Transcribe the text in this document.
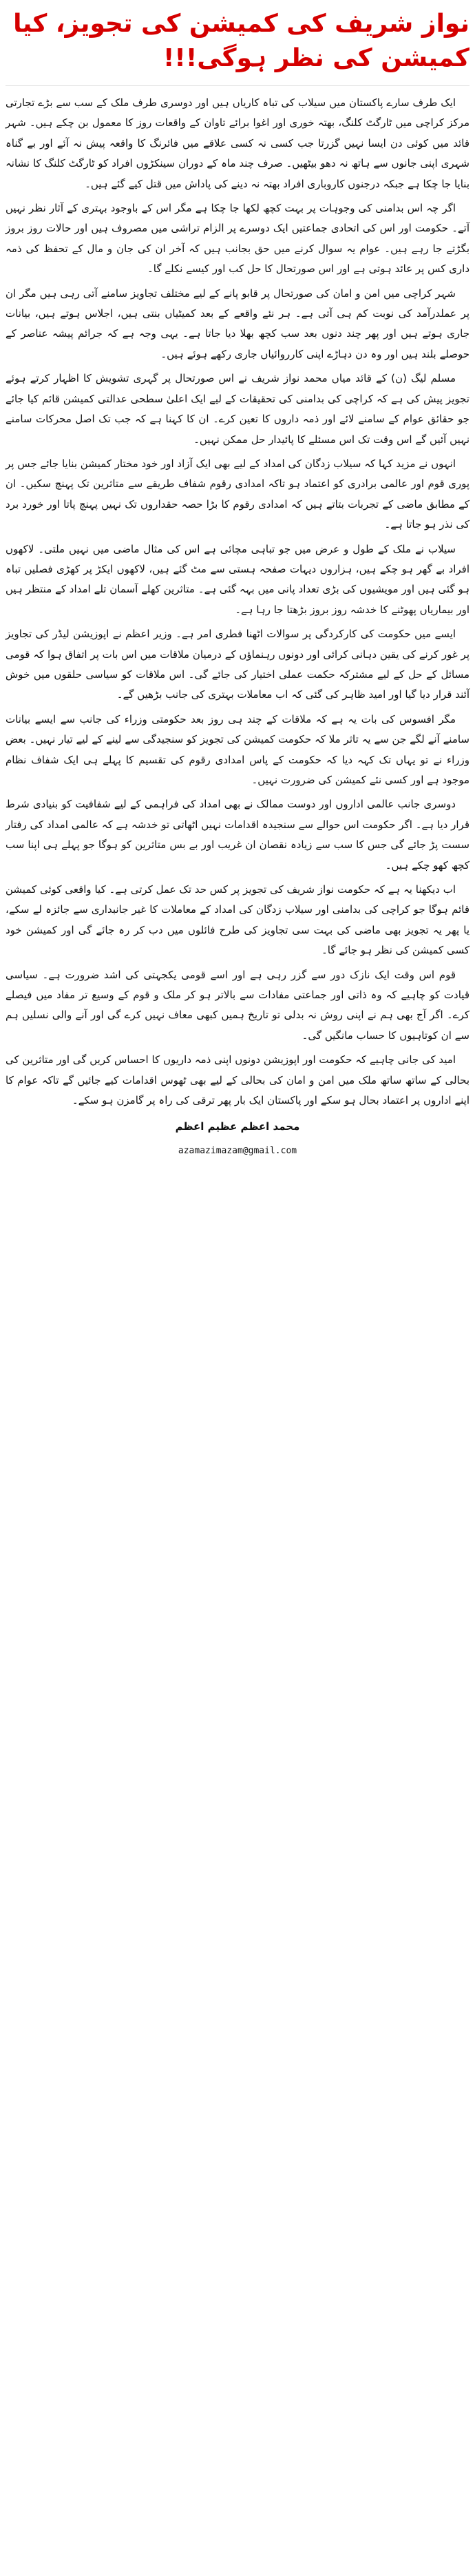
نواز شریف کی کمیشن کی تجویز، کیا کمیشن کی نظر ہوگی!!!

ایک طرف سارے پاکستان میں سیلاب کی تباہ کاریاں ہیں اور دوسری طرف ملک کے سب سے بڑے تجارتی مرکز کراچی میں ٹارگٹ کلنگ، بھتہ خوری اور اغوا برائے تاوان کے واقعات روز کا معمول بن چکے ہیں۔ شہر قائد میں کوئی دن ایسا نہیں گزرتا جب کسی نہ کسی علاقے میں فائرنگ کا واقعہ پیش نہ آئے اور بے گناہ شہری اپنی جانوں سے ہاتھ نہ دھو بیٹھیں۔ صرف چند ماہ کے دوران سینکڑوں افراد کو ٹارگٹ کلنگ کا نشانہ بنایا جا چکا ہے جبکہ درجنوں کاروباری افراد بھتہ نہ دینے کی پاداش میں قتل کیے گئے ہیں۔

اگر چہ اس بدامنی کی وجوہات پر بہت کچھ لکھا جا چکا ہے مگر اس کے باوجود بہتری کے آثار نظر نہیں آتے۔ حکومت اور اس کی اتحادی جماعتیں ایک دوسرے پر الزام تراشی میں مصروف ہیں اور حالات روز بروز بگڑتے جا رہے ہیں۔ عوام یہ سوال کرنے میں حق بجانب ہیں کہ آخر ان کی جان و مال کے تحفظ کی ذمہ داری کس پر عائد ہوتی ہے اور اس صورتحال کا حل کب اور کیسے نکلے گا۔

شہر کراچی میں امن و امان کی صورتحال پر قابو پانے کے لیے مختلف تجاویز سامنے آتی رہی ہیں مگر ان پر عملدرآمد کی نوبت کم ہی آتی ہے۔ ہر نئے واقعے کے بعد کمیٹیاں بنتی ہیں، اجلاس ہوتے ہیں، بیانات جاری ہوتے ہیں اور پھر چند دنوں بعد سب کچھ بھلا دیا جاتا ہے۔ یہی وجہ ہے کہ جرائم پیشہ عناصر کے حوصلے بلند ہیں اور وہ دن دہاڑے اپنی کارروائیاں جاری رکھے ہوئے ہیں۔

مسلم لیگ (ن) کے قائد میاں محمد نواز شریف نے اس صورتحال پر گہری تشویش کا اظہار کرتے ہوئے تجویز پیش کی ہے کہ کراچی کی بدامنی کی تحقیقات کے لیے ایک اعلیٰ سطحی عدالتی کمیشن قائم کیا جائے جو حقائق عوام کے سامنے لائے اور ذمہ داروں کا تعین کرے۔ ان کا کہنا ہے کہ جب تک اصل محرکات سامنے نہیں آئیں گے اس وقت تک اس مسئلے کا پائیدار حل ممکن نہیں۔

انہوں نے مزید کہا کہ سیلاب زدگان کی امداد کے لیے بھی ایک آزاد اور خود مختار کمیشن بنایا جائے جس پر پوری قوم اور عالمی برادری کو اعتماد ہو تاکہ امدادی رقوم شفاف طریقے سے متاثرین تک پہنچ سکیں۔ ان کے مطابق ماضی کے تجربات بتاتے ہیں کہ امدادی رقوم کا بڑا حصہ حقداروں تک نہیں پہنچ پاتا اور خورد برد کی نذر ہو جاتا ہے۔

سیلاب نے ملک کے طول و عرض میں جو تباہی مچائی ہے اس کی مثال ماضی میں نہیں ملتی۔ لاکھوں افراد بے گھر ہو چکے ہیں، ہزاروں دیہات صفحہ ہستی سے مٹ گئے ہیں، لاکھوں ایکڑ پر کھڑی فصلیں تباہ ہو گئی ہیں اور مویشیوں کی بڑی تعداد پانی میں بہہ گئی ہے۔ متاثرین کھلے آسمان تلے امداد کے منتظر ہیں اور بیماریاں پھوٹنے کا خدشہ روز بروز بڑھتا جا رہا ہے۔

ایسے میں حکومت کی کارکردگی پر سوالات اٹھنا فطری امر ہے۔ وزیر اعظم نے اپوزیشن لیڈر کی تجاویز پر غور کرنے کی یقین دہانی کرائی اور دونوں رہنماؤں کے درمیان ملاقات میں اس بات پر اتفاق ہوا کہ قومی مسائل کے حل کے لیے مشترکہ حکمت عملی اختیار کی جائے گی۔ اس ملاقات کو سیاسی حلقوں میں خوش آئند قرار دیا گیا اور امید ظاہر کی گئی کہ اب معاملات بہتری کی جانب بڑھیں گے۔

مگر افسوس کی بات یہ ہے کہ ملاقات کے چند ہی روز بعد حکومتی وزراء کی جانب سے ایسے بیانات سامنے آنے لگے جن سے یہ تاثر ملا کہ حکومت کمیشن کی تجویز کو سنجیدگی سے لینے کے لیے تیار نہیں۔ بعض وزراء نے تو یہاں تک کہہ دیا کہ حکومت کے پاس امدادی رقوم کی تقسیم کا پہلے ہی ایک شفاف نظام موجود ہے اور کسی نئے کمیشن کی ضرورت نہیں۔

دوسری جانب عالمی اداروں اور دوست ممالک نے بھی امداد کی فراہمی کے لیے شفافیت کو بنیادی شرط قرار دیا ہے۔ اگر حکومت اس حوالے سے سنجیدہ اقدامات نہیں اٹھاتی تو خدشہ ہے کہ عالمی امداد کی رفتار سست پڑ جائے گی جس کا سب سے زیادہ نقصان ان غریب اور بے بس متاثرین کو ہوگا جو پہلے ہی اپنا سب کچھ کھو چکے ہیں۔

اب دیکھنا یہ ہے کہ حکومت نواز شریف کی تجویز پر کس حد تک عمل کرتی ہے۔ کیا واقعی کوئی کمیشن قائم ہوگا جو کراچی کی بدامنی اور سیلاب زدگان کی امداد کے معاملات کا غیر جانبداری سے جائزہ لے سکے، یا پھر یہ تجویز بھی ماضی کی بہت سی تجاویز کی طرح فائلوں میں دب کر رہ جائے گی اور کمیشن خود کسی کمیشن کی نظر ہو جائے گا۔

قوم اس وقت ایک نازک دور سے گزر رہی ہے اور اسے قومی یکجہتی کی اشد ضرورت ہے۔ سیاسی قیادت کو چاہیے کہ وہ ذاتی اور جماعتی مفادات سے بالاتر ہو کر ملک و قوم کے وسیع تر مفاد میں فیصلے کرے۔ اگر آج بھی ہم نے اپنی روش نہ بدلی تو تاریخ ہمیں کبھی معاف نہیں کرے گی اور آنے والی نسلیں ہم سے ان کوتاہیوں کا حساب مانگیں گی۔

امید کی جانی چاہیے کہ حکومت اور اپوزیشن دونوں اپنی ذمہ داریوں کا احساس کریں گی اور متاثرین کی بحالی کے ساتھ ساتھ ملک میں امن و امان کی بحالی کے لیے بھی ٹھوس اقدامات کیے جائیں گے تاکہ عوام کا اپنے اداروں پر اعتماد بحال ہو سکے اور پاکستان ایک بار پھر ترقی کی راہ پر گامزن ہو سکے۔

محمد اعظم عظیم اعظم
azamazimazam@gmail.com
